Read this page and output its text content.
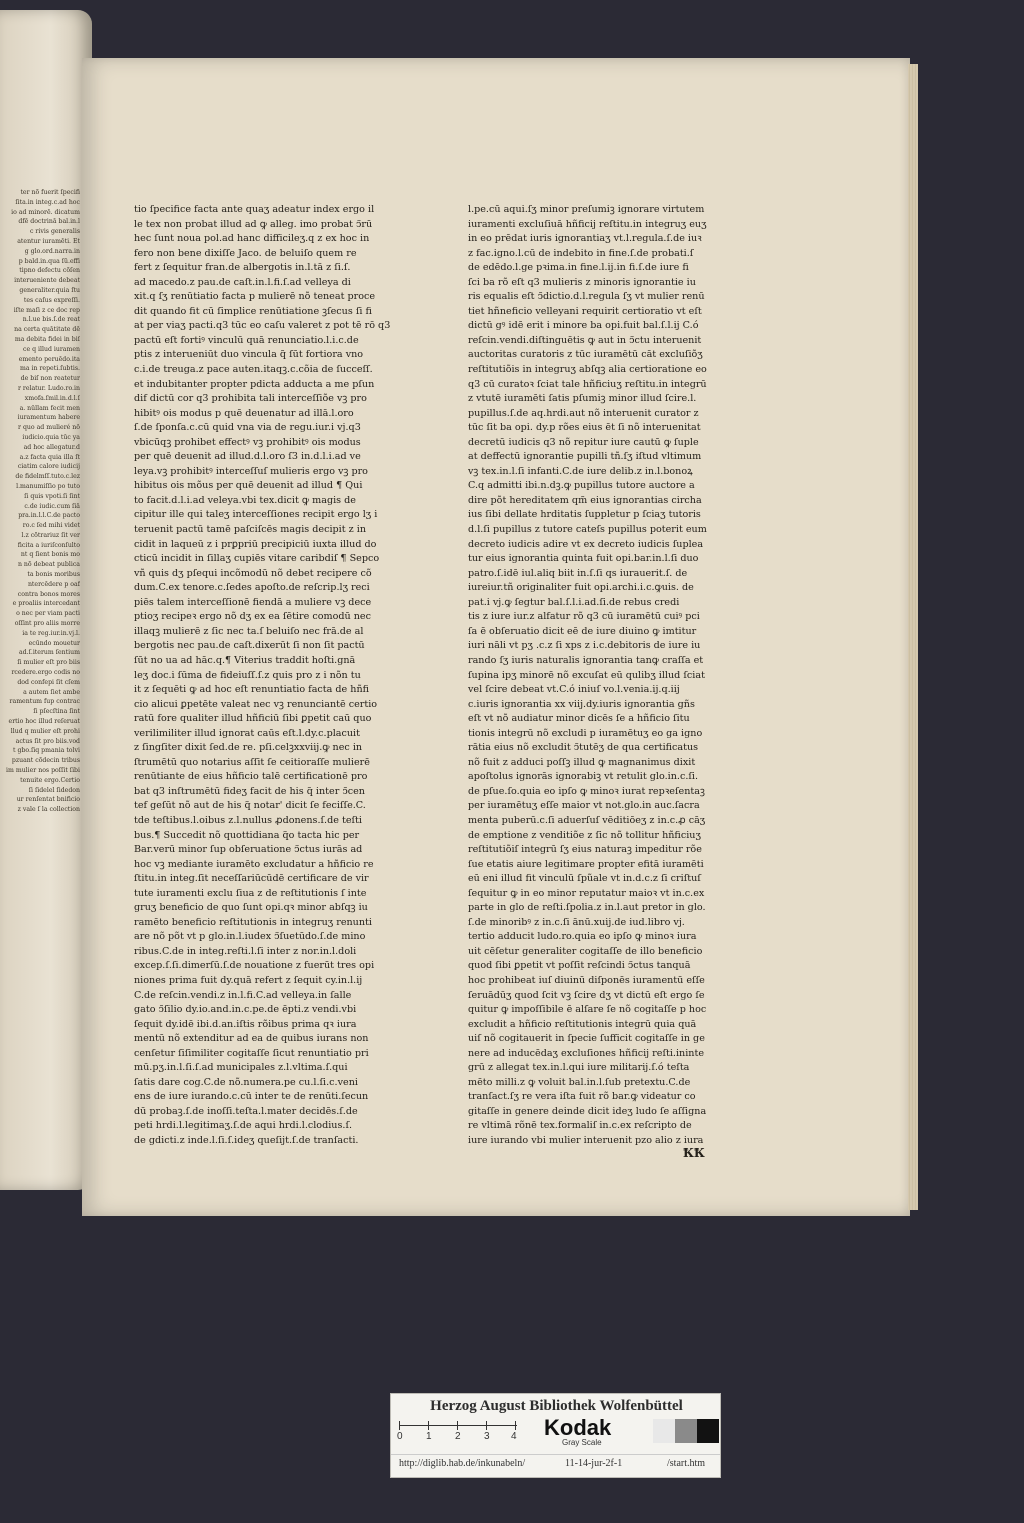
ter nõ fuerit ſpecifi
ſita.in integ.c.ad hoc
io ad minorē. dicatum
dfē doctrinā bal.in.l
c rivis generalis
atentur iuramēti. Et
g glo.ord.narra.in
p bald.in.qua ſū.effi
tipno defectu cõſen
interueniente debeat
generaliter.quia ſtu
tes caſus expreſſi.
iſte maſi z ce doc rep
n.l.ue bis.ſ.de reat
na certa quātitate dē
ma debita fidei in biſ
ce q illud iuramen
emento peruēdo.ita
ma in repeti.ſubtis.
de biſ non reatetur
r relatur. Ludo.ro.in
xmofa.ſmil.in.d.l.ſ
a. nūllam fecit men
iuramentum habere
r quo ad mulieré nō
iudicio.quia tūc ya
ad hoc allegatur.d
a.z facta quia illa ſt
ciatim calore iudicij
de fidelmſſ.tuto.c.lez
l.manumiſſio po tuto
ſi quis vpoti.ſi ſint
c.de iudic.cum ſiā
pra.in.l.l.C.de pacto
ro.c ſed mihi videt
l.z cõtrariuz ſit ver
ficita a iuriſconſulto
nt q ſient bonis mo
n nõ debeat publica
ta bonis moribus
ntercēdere p oaf
contra bonos mores
e proaliis intercedant
o nec per viam pacti
oſſint pro aliis morre
ia te reg.iur.in.vj.l.
ecūndo mouetur
ad.ſ.iterum ſentium
ſi mulier eſt pro biis
rcedere.ergo codis no
dod confepi ſit cſem
a autem ſiet ambe
ramentum fup contrac
ſi pſecſtina ſint
ertio hoc illud reſeruat
llud q mulier eſt prohi
actus ſit pro biis.vod
t gbo.ſiq pmania tolvi
pzuant cõdecin tribus
im mulier nos poſſit ſibi
tenuite ergo.Certio
ſi ſidelel ſidedon
ur renſentat bnificio
z vale ſ la collection
tio ſpecifice facta ante quaʒ adeatur index ergo il
le tex non probat illud ad ꝙ alleg. imo probat ↄ̃rū
hec ſunt noua pol.ad hanc difficileʒ.q z ex hoc in
fero non bene dixiſſe Jaco. de beluiſo quem re
fert z ſequitur fran.de albergotis in.l.tā z ſi.ſ.
ad macedo.z pau.de caſt.in.l.fi.ſ.ad velleya di
xit.q ſʒ renūtiatio facta p mulierē nõ teneat proce
dit quando fit cū ſimplice renūtiatione ꝫſecus ſi fi
at per viaʒ pacti.q3 tūc eo caſu valeret z pot tē rō q3
pactū eſt fortiꝰ vinculū quā renunciatio.l.i.c.de
ptis z interueniūt duo vincula q̃ ſūt fortiora vno
c.i.de treuga.z pace auten.itaqꝫ.c.cõia de ſucceſſ.
et indubitanter propter pdicta adducta a me pſun
dif dictū cor q3 prohibita tali interceſſiõe vꝫ pro
hibitꝰ ois modus p quē deuenatur ad illā.l.oro
ſ.de ſponſa.c.cū quid vna via de regu.iur.i vj.q3
vbicūqꝫ prohibet effectꝰ vꝫ prohibitꝰ ois modus
per quē deuenit ad illud.d.l.oro ſ3 in.d.l.i.ad ve
leya.vꝫ prohibitꝰ interceſſuſ mulieris ergo vꝫ pro
hibitus ois mõus per quē deuenit ad illud ¶ Qui
to facit.d.l.i.ad veleya.vbi tex.dicit ꝙ magis de
cipitur ille qui taleʒ interceſſiones recipit ergo lʒ i
teruenit pactū tamē paſciſcēs magis decipit z in
cidit in laqueū z i prꝑpriū precipiciū iuxta illud do
cticū incidit in ſillaʒ cupiēs vitare caribdiſ ¶ Sepco
vñ quis dʒ pſequi incõmodū nõ debet recipere cõ
dum.C.ex tenore.c.ſedes apoſto.de reſcrip.lʒ reci
piēs talem interceſſionē fiendā a muliere vꝫ dece
ptioʒ recipeꝛ ergo nõ dʒ ex ea ſētire comodū nec
illaqꝫ mulierē z ſic nec ta.ſ beluiſo nec frā.de al
bergotis nec pau.de caſt.dixerūt ſi non ſit pactū
ſūt no ua ad hāc.q.¶ Viterius traddit hoſti.gnā
leʒ doc.i ſūma de fideiuſſ.ſ.z quis pro z i nõn tu
it z ſequēti ꝙ ad hoc eſt renuntiatio facta de hñfi
cio alicui ꝑpetēte valeat nec vꝫ renunciantē certio
ratū fore qualiter illud hñficiū ſibi ꝑpetit caū quo
verilimiliter illud ignorat caūs eſt.l.dy.c.placuit
z ſingſiter dixit ſed.de re. pſi.celꝫxxviij.ꝙ nec in
ſtrumētū quo notarius aſſit ſe ceitioraſſe mulierē
renūtiante de eius hñficio talē certificationē pro
bat q3 inſtrumētū fideʒ facit de his q̃ inter ↄ̃cen
tef geſūt nõ aut de his q̃ notar' dicit ſe feciſſe.C.
tde teſtibus.l.oibus z.l.nullus ꝓdonens.ſ.de teſti
bus.¶ Succedit nõ quottidiana q̃o tacta hic per
Bar.verū minor ſup obſeruatione ↄ̃ctus iurās ad
hoc vꝫ mediante iuramēto excludatur a hñficio re
ſtitu.in integ.ſit neceſſariūcūdē certificare de vir
tute iuramenti exclu ſiua z de reſtitutionis ſ inte
gruʒ beneficio de quo ſunt opi.qꝛ minor abſqꝫ iu
ramēto beneficio reſtitutionis in integruʒ renunti
are nõ põt vt p glo.in.l.iudex ↄ̃ſuetūdo.ſ.de mino
ribus.C.de in integ.reſti.l.ſi inter z nor.in.l.doli
excep.ſ.ſi.dimerſū.ſ.de nouatione z fuerūt tres opi
niones prima fuit dy.quā refert z ſequit cy.in.l.ij
C.de reſcin.vendi.z in.l.fi.C.ad velleya.in ſalle
gato ↄ̃ſilio dy.io.and.in.c.pe.de ēpti.z vendi.vbi
ſequit dy.idē ibi.d.an.iſtis rõibus prima qꝛ iura
mentū nõ extenditur ad ea de quibus iurans non
cenſetur ſiſimiliter cogitaſſe ſicut renuntiatio pri
mū.pʒ.in.l.ſi.ſ.ad municipales z.l.vltima.ſ.qui
ſatis dare cog.C.de nõ.numera.pe cu.l.ſi.c.veni
ens de iure iurando.c.cū inter te de renūti.ſecun
dū probaꝫ.ſ.de inoſſi.teſta.l.mater decidēs.ſ.de
peti hrdi.l.legitimaʒ.ſ.de aqui hrdi.l.clodius.ſ.
de gdicti.z inde.l.ſi.ſ.ideʒ queſijt.ſ.de tranſacti.
l.pe.cū aqui.ſʒ minor preſumiꝫ ignorare virtutem
iuramenti excluſiuā hñficij reſtitu.in integruʒ euʒ
in eo prēdat iuris ignorantiaʒ vt.l.regula.ſ.de iuꝛ
z fac.igno.l.cū de indebito in fine.ſ.de probati.ſ
de edēdo.l.ge pꝛima.in fine.l.ij.in fi.ſ.de iure fi
ſci ba rõ eſt q3 mulieris z minoris ignorantie iu
ris equalis eſt ↄ̃dictio.d.l.regula ſʒ vt mulier renū
tiet hñneficio velleyani requirit certioratio vt eſt
dictū gꝰ idē erit i minore ba opi.fuit bal.ſ.l.ij C.ó
reſcin.vendi.diſtinguētis ꝙ aut in ↄ̃ctu interuenit
auctoritas curatoris z tūc iuramētū cāt excluſiõʒ
reſtitutiõis in integruʒ abſqꝫ alia certioratione eo
q3 cū curatoꝛ ſciat tale hñficiuʒ reſtitu.in integrū
z vtutē iuramēti ſatis pſumiꝫ minor illud ſcire.l.
pupillus.ſ.de aq.hrdi.aut nõ interuenit curator z
tūc ſit ba opi. dy.p rões eius ēt ſi nõ interuenitat
decretū iudicis q3 nõ repitur iure cautū ꝙ ſuple
at deffectū ignorantie pupilli tñ.ſʒ iſtud vltimum
vꝫ tex.in.l.ſi infanti.C.de iure delib.z in.l.bonoꝝ
C.q admitti ibi.n.dꝫ.ꝙ pupillus tutore auctore a
dire põt hereditatem qm̃ eius ignorantias circha
ius ſibi dellate hrditatis ſuppletur p ſciaʒ tutoris
d.l.ſi pupillus z tutore cateſs pupillus poterit eum
decreto iudicis adire vt ex decreto iudicis ſuplea
tur eius ignorantia quinta fuit opi.bar.in.l.ſi duo
patro.ſ.idē iul.aliq biit in.ſ.ſi qs iurauerit.ſ. de
iureiur.tñ originaliter fuit opi.archi.i.c.ꝙuis. de
pat.i vj.ꝙ ſegtur bal.ſ.l.i.ad.ſi.de rebus credi
tis z iure iur.z alfatur rõ q3 cū iuramētū cuiꝰ pci
ſa ē obſeruatio dicit eē de iure diuino ꝙ imtitur
iuri nāli vt pʒ .c.z ſi xps z i.c.debitoris de iure iu
rando ſʒ iuris naturalis ignorantia tanꝙ craſſa et
ſupina ipʒ minorē nõ excuſat eū qulibʒ illud ſciat
vel ſcire debeat vt.C.ó iniuſ vo.l.venia.ij.q.iij
c.iuris ignorantia xx viij.dy.iuris ignorantia gñs
eſt vt nõ audiatur minor dicēs ſe a hñficio ſitu
tionis integrū nõ excludi p iuramētuʒ eo ga igno
rātia eius nõ excludit ↄ̃tutēʒ de qua certificatus
nõ fuit z adduci poſſꝫ illud ꝙ magnanimus dixit
apoſtolus ignorās ignorabiꝫ vt retulit glo.in.c.ſi.
de pſue.ſo.quia eo ipſo ꝙ minoꝛ iurat repꝛeſentaꝫ
per iuramētuʒ eſſe maior vt not.glo.in auc.ſacra
menta puberū.c.ſi aduerſuſ vēditiōeʒ z in.c.ꝓ cāʒ
de emptione z venditiõe z ſic nõ tollitur hñficiuʒ
reſtitutiõiſ integrū ſʒ eius naturaꝫ impeditur rõe
ſue etatis aiure legitimare propter efitā iuramēti
eū eni illud fit vinculū ſpũale vt in.d.c.z ſi criſtuſ
ſequitur ꝙ in eo minor reputatur maioꝛ vt in.c.ex
parte in glo de reſti.ſpolia.z in.l.aut pretor in glo.
ſ.de minoribꝰ z in.c.ſi ānū.xuij.de iud.libro vj.
tertio adducit ludo.ro.quia eo ipſo ꝙ minoꝛ iura
uit cēſetur generaliter cogitaſſe de illo beneficio
quod ſibi ꝑpetit vt poſſit reſcindi ↄ̃ctus tanquā
hoc prohibeat iuſ diuinū diſponēs iuramentū eſſe
ſeruādūʒ quod ſcit vꝫ ſcire dʒ vt dictū eſt ergo ſe
quitur ꝙ impoſſibile ē alſare ſe nõ cogitaſſe p hoc
excludit a hñficio reſtitutionis integrū quia quā
uiſ nõ cogitauerit in ſpecie ſufficit cogitaſſe in ge
nere ad inducēdaʒ excluſiones hñficij reſti.ininte
grū z allegat tex.in.l.qui iure militarij.ſ.ó teſta
mēto milli.z ꝙ voluit bal.in.l.ſub pretextu.C.de
tranſact.ſʒ re vera iſta fuit rõ bar.ꝙ videatur co
gitaſſe in genere deinde dicit ideʒ ludo ſe aſſigna
re vltimā rõnē tex.formaliſ in.c.ex reſcripto de
iure iurando vbi mulier interuenit pzo alio z iura
ꝀꝀ
Herzog August Bibliothek Wolfenbüttel
0 1 2 3 4 Kodak
Gray Scale
http://diglib.hab.de/inkunabeln/	11-14-jur-2f-1	/start.htm
